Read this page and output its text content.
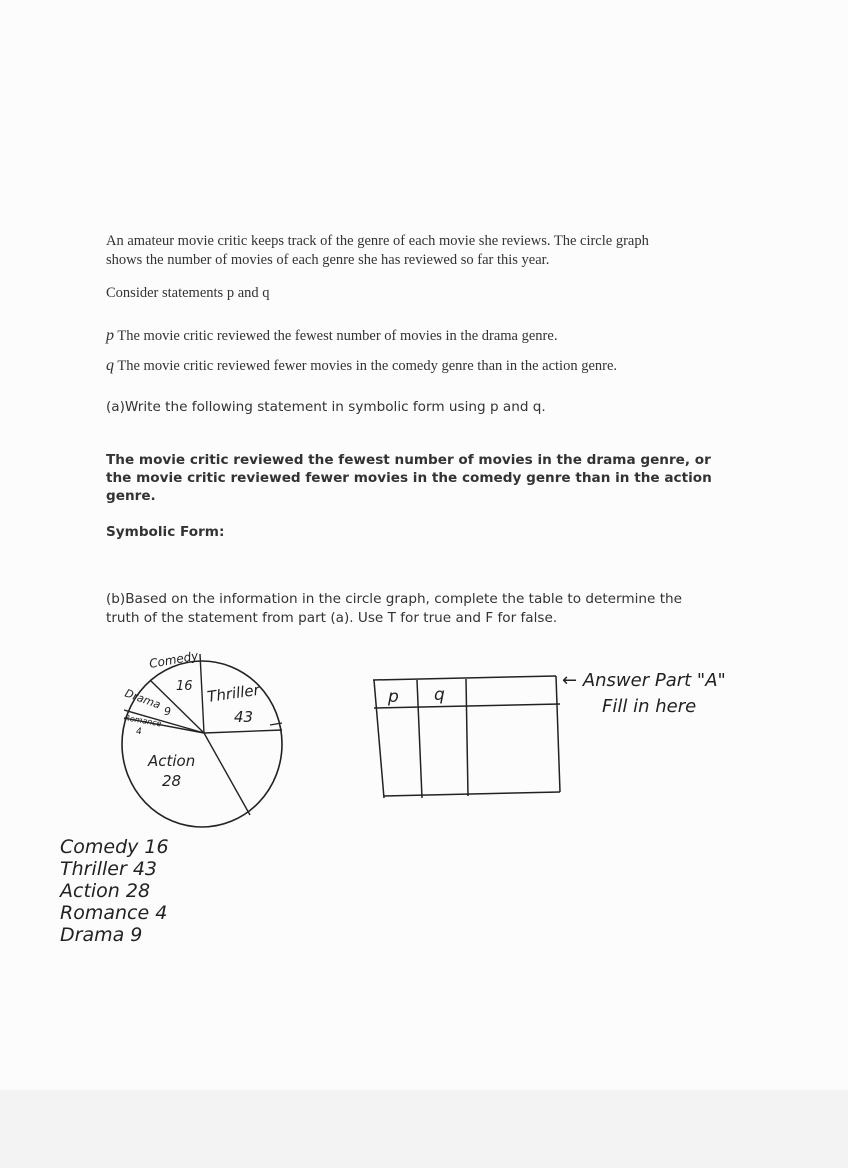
An amateur movie critic keeps track of the genre of each movie she reviews. The circle graph
shows the number of movies of each genre she has reviewed so far this year.
Consider statements p and q
p The movie critic reviewed the fewest number of movies in the drama genre.
q The movie critic reviewed fewer movies in the comedy genre than in the action genre.
(a)Write the following statement in symbolic form using p and q.
The movie critic reviewed the fewest number of movies in the drama genre, or
the movie critic reviewed fewer movies in the comedy genre than in the action
genre.
Symbolic Form:
(b)Based on the information in the circle graph, complete the table to determine the
truth of the statement from part (a). Use T for true and F for false.
Comedy
16
Drama 9
Romance
4
Thriller
43
Action
28
Comedy 16
Thriller 43
Action 28
Romance 4
Drama 9
p q
← Answer Part "A"
Fill in here
